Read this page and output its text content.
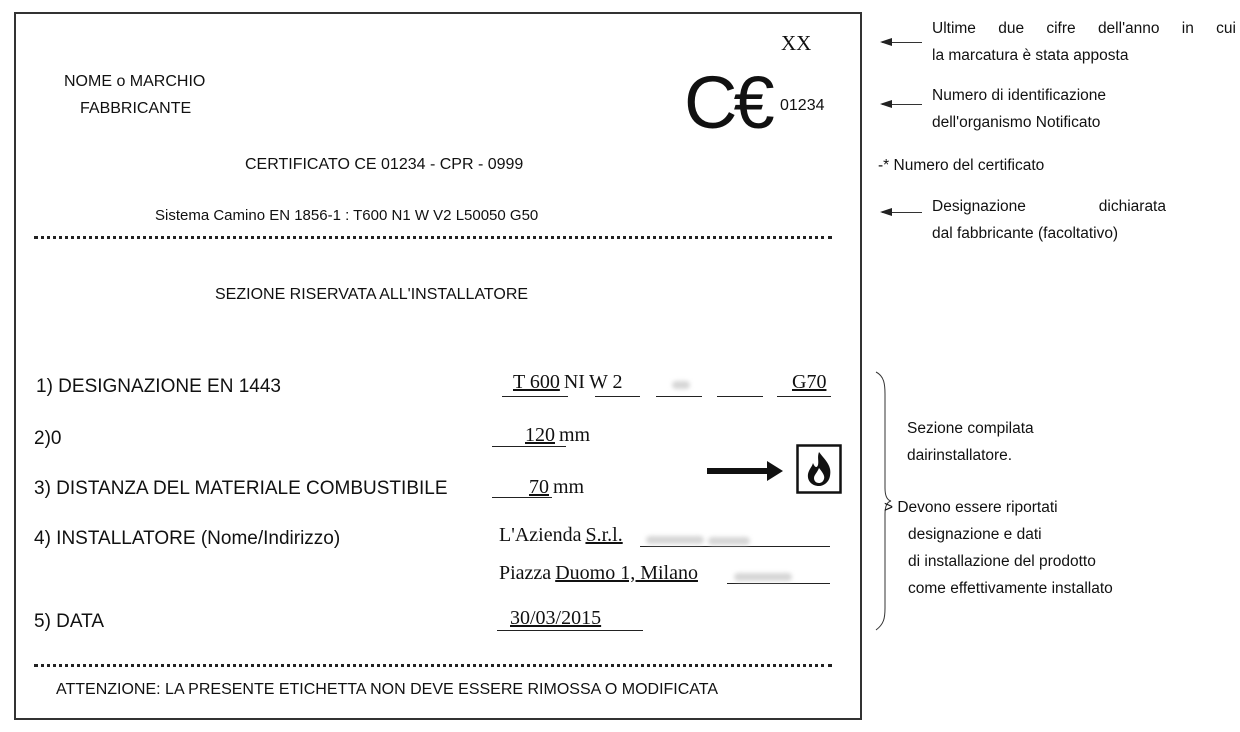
NOME o MARCHIO
FABBRICANTE
XX
C€ 01234
CERTIFICATO CE 01234 - CPR - 0999
Sistema Camino EN 1856-1 : T600 N1 W V2 L50050 G50
SEZIONE RISERVATA ALL'INSTALLATORE
1) DESIGNAZIONE EN 1443	T 600 NI W 2	G70
2)0	120 mm
3) DISTANZA DEL MATERIALE COMBUSTIBILE	70 mm
4) INSTALLATORE (Nome/Indirizzo)	L'Azienda S.r.l.
Piazza Duomo 1, Milano
5) DATA	30/03/2015
ATTENZIONE: LA PRESENTE ETICHETTA NON DEVE ESSERE RIMOSSA O MODIFICATA
Ultime due cifre dell'anno in cui
la marcatura è stata apposta
Numero di identificazione
dell'organismo Notificato
-* Numero del certificato
Designazione	dichiarata
dal fabbricante (facoltativo)
Sezione compilata
dairinstallatore.
> Devono essere riportati
designazione e dati
di installazione del prodotto
come effettivamente installato
